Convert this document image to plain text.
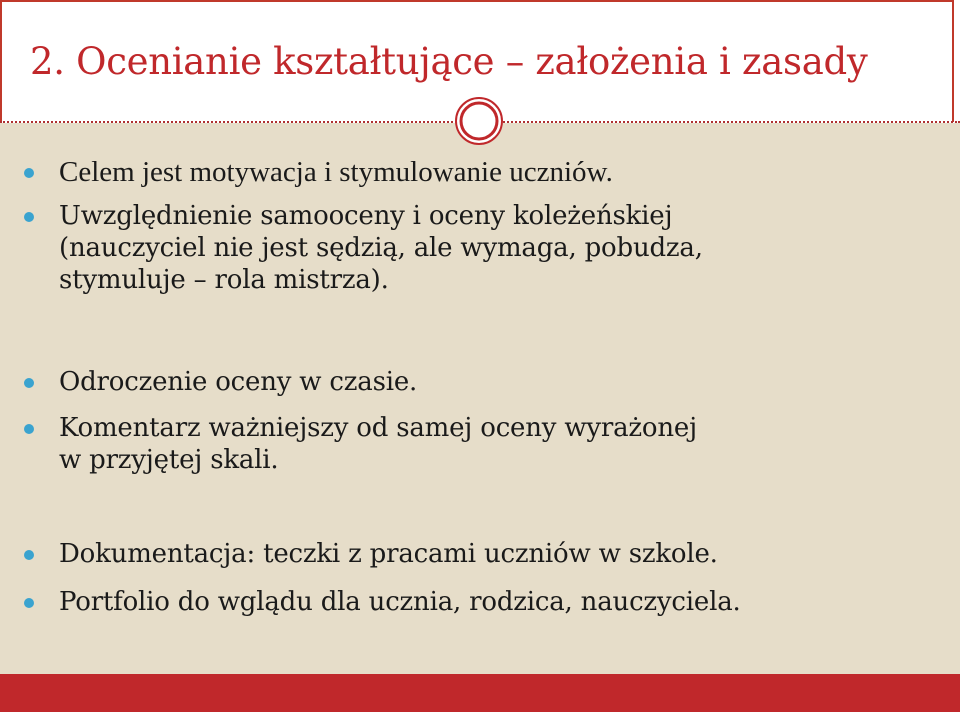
2. Ocenianie kształtujące – założenia i zasady
Celem jest motywacja i stymulowanie uczniów.
Uwzględnienie samooceny i oceny koleżeńskiej
(nauczyciel nie jest sędzią, ale wymaga, pobudza,
stymuluje – rola mistrza).
Odroczenie oceny w czasie.
Komentarz ważniejszy od samej oceny wyrażonej
w przyjętej skali.
Dokumentacja: teczki z pracami uczniów w szkole.
Portfolio do wglądu dla ucznia, rodzica, nauczyciela.
